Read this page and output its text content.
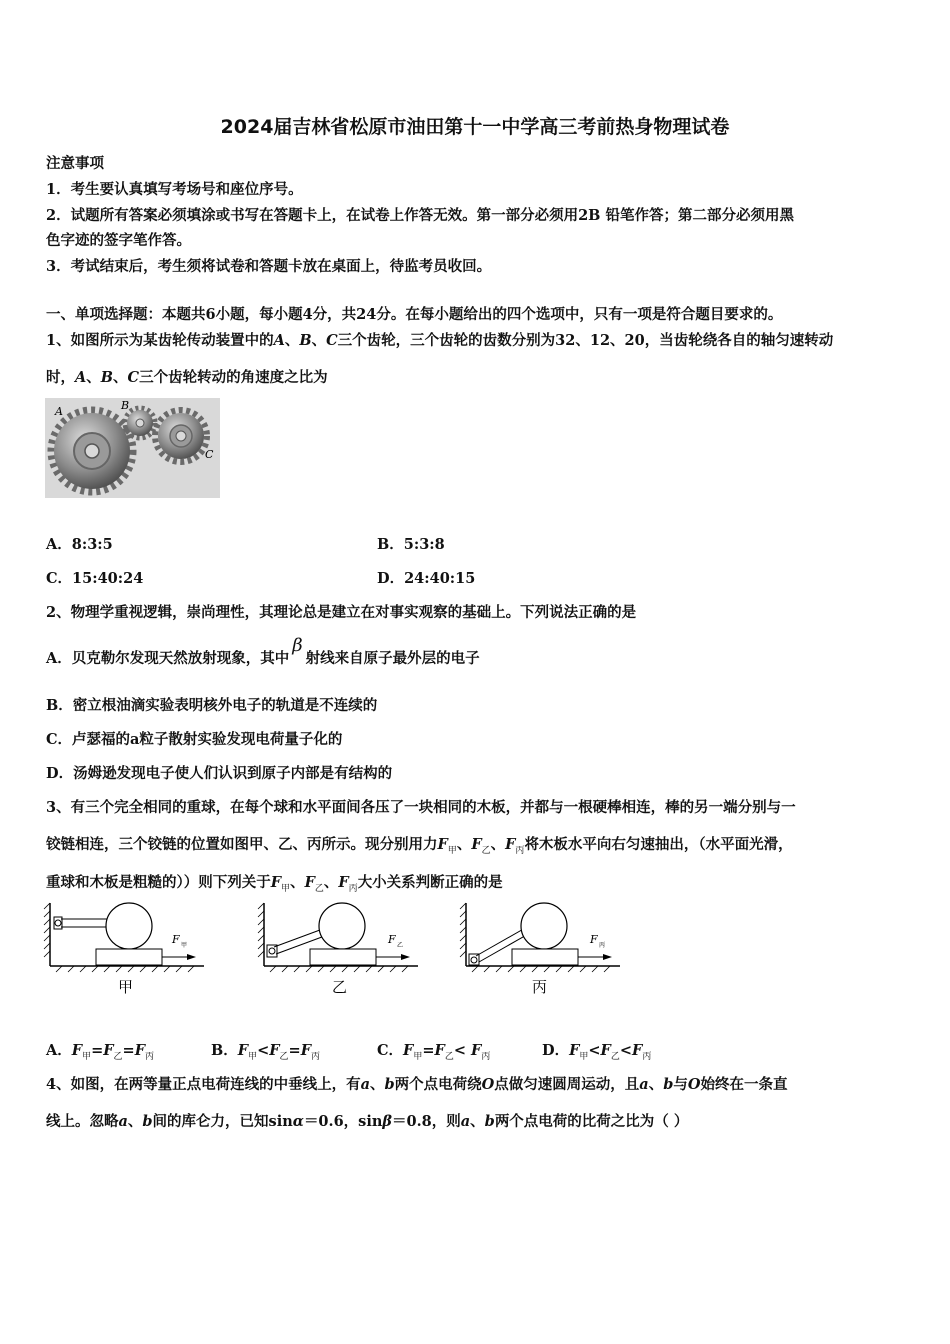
2024届吉林省松原市油田第十一中学高三考前热身物理试卷
注意事项
1．考生要认真填写考场号和座位序号。
2．试题所有答案必须填涂或书写在答题卡上，在试卷上作答无效。第一部分必须用2B 铅笔作答；第二部分必须用黑
色字迹的签字笔作答。
3．考试结束后，考生须将试卷和答题卡放在桌面上，待监考员收回。
一、单项选择题：本题共6小题，每小题4分，共24分。在每小题给出的四个选项中，只有一项是符合题目要求的。
1、如图所示为某齿轮传动装置中的A、B、C三个齿轮，三个齿轮的齿数分别为32、12、20，当齿轮绕各自的轴匀速转动
时，A、B、C三个齿轮转动的角速度之比为
A	B
C
A．8:3:5	B．5:3:8
C．15:40:24	D．24:40:15
2、物理学重视逻辑，崇尚理性，其理论总是建立在对事实观察的基础上。下列说法正确的是
A．贝克勒尔发现天然放射现象，其中β射线来自原子最外层的电子
B．密立根油滴实验表明核外电子的轨道是不连续的
C．卢瑟福的a粒子散射实验发现电荷量子化的
D．汤姆逊发现电子使人们认识到原子内部是有结构的
3、有三个完全相同的重球，在每个球和水平面间各压了一块相同的木板，并都与一根硬棒相连，棒的另一端分别与一
铰链相连，三个铰链的位置如图甲、乙、丙所示。现分别用力$F_甲$、$F_乙$、$F_丙$将木板水平向右匀速抽出，（水平面光滑，
重球和木板是粗糙的））则下列关于$F_甲$、$F_乙$、$F_丙$大小关系判断正确的是
F 甲
甲
F 乙
乙
F 丙
丙
A．$F_甲=F_乙=F_丙$	B．$F_甲<F_乙=F_丙$	C．$F_甲=F_乙< F_丙$	D．$F_甲<F_乙<F_丙$
4、如图，在两等量正点电荷连线的中垂线上，有a、b两个点电荷绕O点做匀速圆周运动，且a、b与O始终在一条直
线上。忽略a、b间的库仑力，已知sinα＝0.6，sinβ＝0.8，则a、b两个点电荷的比荷之比为（ ）
